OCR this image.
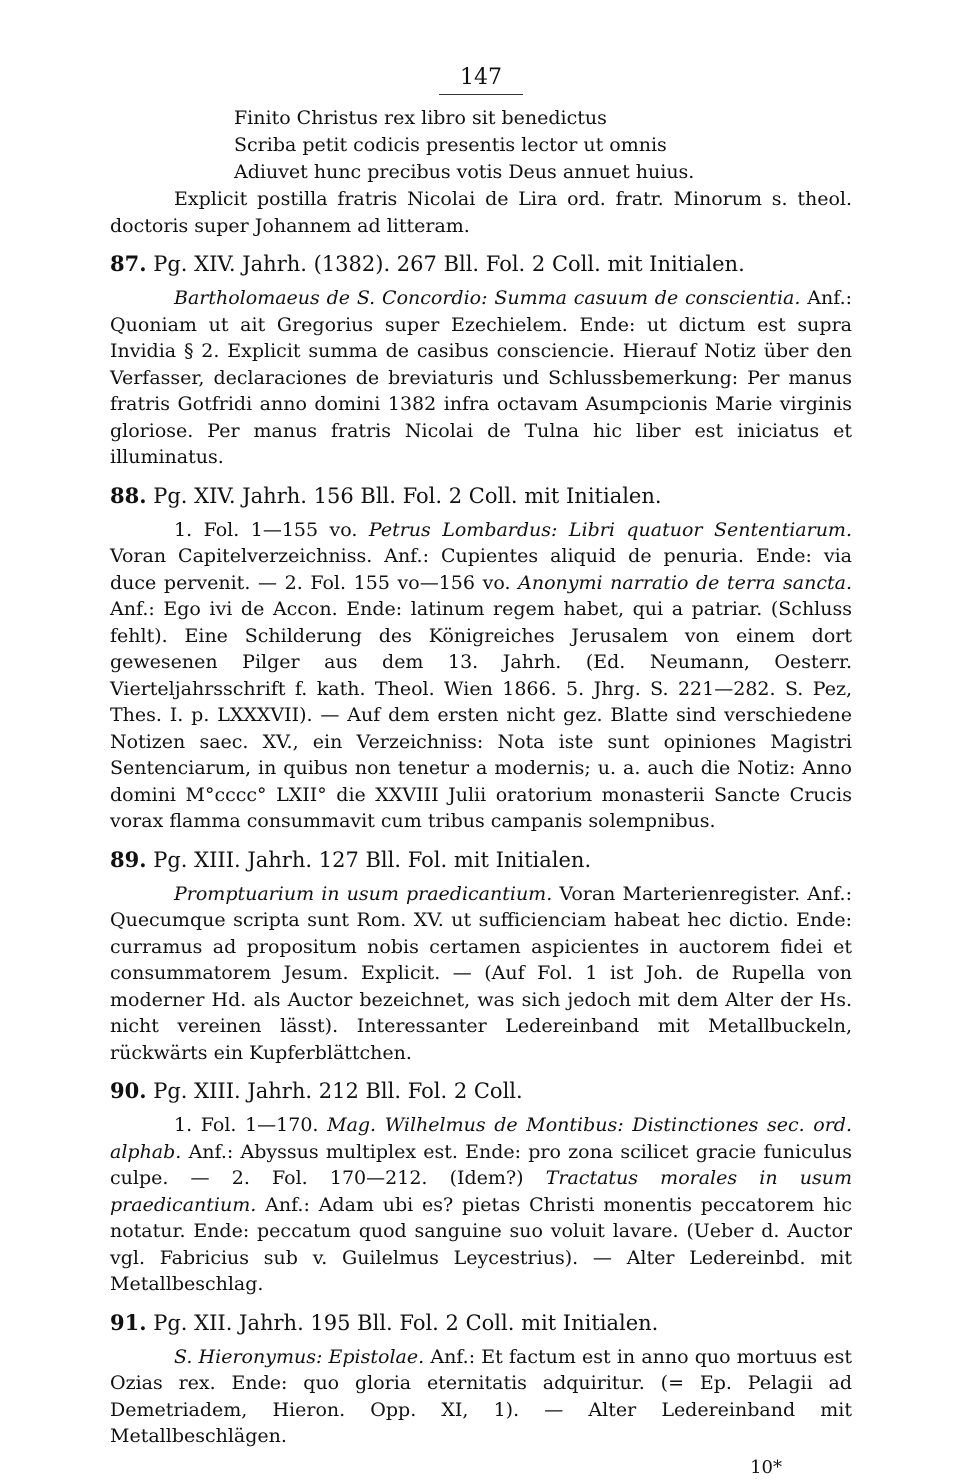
147
Finito Christus rex libro sit benedictus
Scriba petit codicis presentis lector ut omnis
Adiuvet hunc precibus votis Deus annuet huius.

Explicit postilla fratris Nicolai de Lira ord. fratr. Minorum s. theol. doctoris super Johannem ad litteram.

87. Pg. XIV. Jahrh. (1382). 267 Bll. Fol. 2 Coll. mit Initialen.

Bartholomaeus de S. Concordio: Summa casuum de conscientia. Anf.: Quoniam ut ait Gregorius super Ezechielem. Ende: ut dictum est supra Invidia § 2. Explicit summa de casibus consciencie. Hierauf Notiz über den Verfasser, declaraciones de breviaturis und Schlussbemerkung: Per manus fratris Gotfridi anno domini 1382 infra octavam Asumpcionis Marie virginis gloriose. Per manus fratris Nicolai de Tulna hic liber est iniciatus et illuminatus.

88. Pg. XIV. Jahrh. 156 Bll. Fol. 2 Coll. mit Initialen.

1. Fol. 1—155 vo. Petrus Lombardus: Libri quatuor Sententiarum. Voran Capitelverzeichniss. Anf.: Cupientes aliquid de penuria. Ende: via duce pervenit. — 2. Fol. 155 vo—156 vo. Anonymi narratio de terra sancta. Anf.: Ego ivi de Accon. Ende: latinum regem habet, qui a patriar. (Schluss fehlt). Eine Schilderung des Königreiches Jerusalem von einem dort gewesenen Pilger aus dem 13. Jahrh. (Ed. Neumann, Oesterr. Vierteljahrsschrift f. kath. Theol. Wien 1866. 5. Jhrg. S. 221—282. S. Pez, Thes. I. p. LXXXVII). — Auf dem ersten nicht gez. Blatte sind verschiedene Notizen saec. XV., ein Verzeichniss: Nota iste sunt opiniones Magistri Sentenciarum, in quibus non tenetur a modernis; u. a. auch die Notiz: Anno domini M°cccc° LXII° die XXVIII Julii oratorium monasterii Sancte Crucis vorax flamma consummavit cum tribus campanis solempnibus.

89. Pg. XIII. Jahrh. 127 Bll. Fol. mit Initialen.

Promptuarium in usum praedicantium. Voran Marterienregister. Anf.: Quecumque scripta sunt Rom. XV. ut sufficienciam habeat hec dictio. Ende: curramus ad propositum nobis certamen aspicientes in auctorem fidei et consummatorem Jesum. Explicit. — (Auf Fol. 1 ist Joh. de Rupella von moderner Hd. als Auctor bezeichnet, was sich jedoch mit dem Alter der Hs. nicht vereinen lässt). Interessanter Ledereinband mit Metallbuckeln, rückwärts ein Kupferblättchen.

90. Pg. XIII. Jahrh. 212 Bll. Fol. 2 Coll.

1. Fol. 1—170. Mag. Wilhelmus de Montibus: Distinctiones sec. ord. alphab. Anf.: Abyssus multiplex est. Ende: pro zona scilicet gracie funiculus culpe. — 2. Fol. 170—212. (Idem?) Tractatus morales in usum praedicantium. Anf.: Adam ubi es? pietas Christi monentis peccatorem hic notatur. Ende: peccatum quod sanguine suo voluit lavare. (Ueber d. Auctor vgl. Fabricius sub v. Guilelmus Leycestrius). — Alter Ledereinbd. mit Metallbeschlag.

91. Pg. XII. Jahrh. 195 Bll. Fol. 2 Coll. mit Initialen.

S. Hieronymus: Epistolae. Anf.: Et factum est in anno quo mortuus est Ozias rex. Ende: quo gloria eternitatis adquiritur. (= Ep. Pelagii ad Demetriadem, Hieron. Opp. XI, 1). — Alter Ledereinband mit Metallbeschlägen.

10*
